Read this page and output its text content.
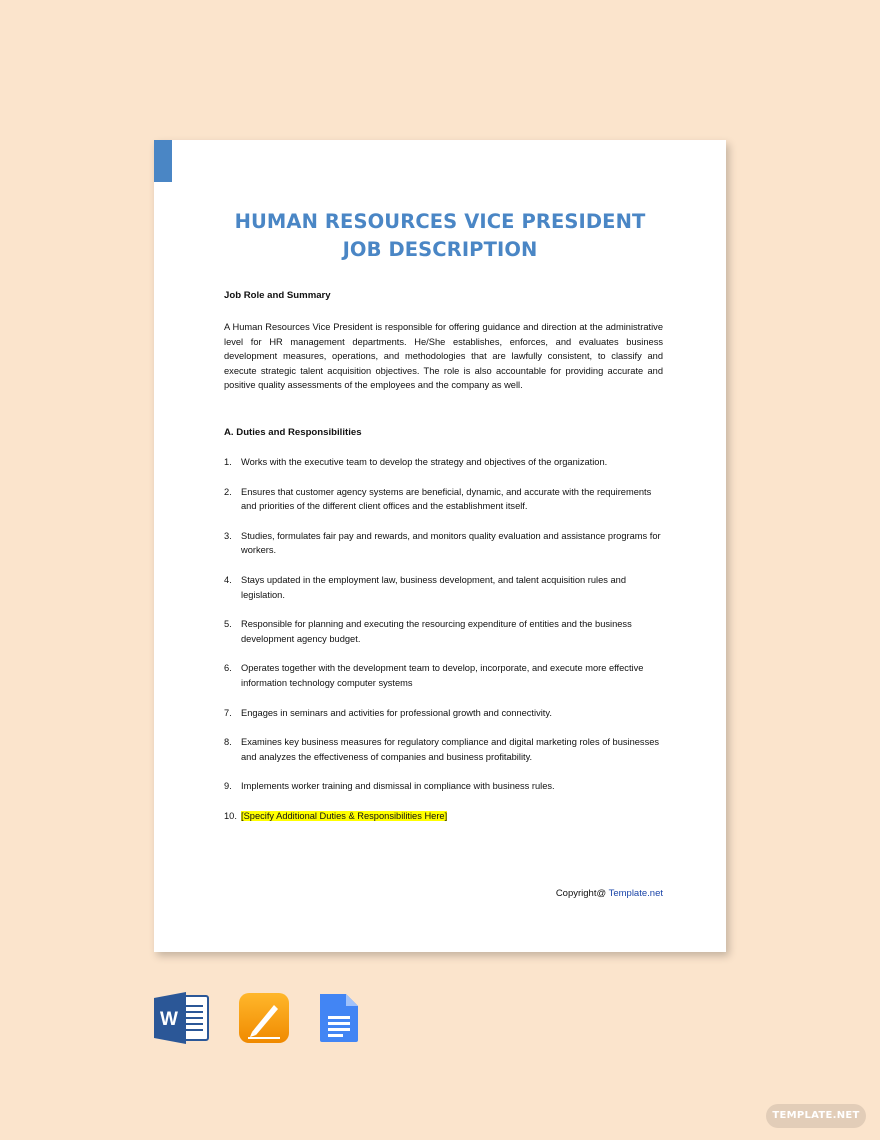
HUMAN RESOURCES VICE PRESIDENT
JOB DESCRIPTION
Job Role and Summary
A Human Resources Vice President is responsible for offering guidance and direction at the administrative level for HR management departments. He/She establishes, enforces, and evaluates business development measures, operations, and methodologies that are lawfully consistent, to classify and execute strategic talent acquisition objectives. The role is also accountable for providing accurate and positive quality assessments of the employees and the company as well.
A. Duties and Responsibilities
1. Works with the executive team to develop the strategy and objectives of the organization.
2. Ensures that customer agency systems are beneficial, dynamic, and accurate with the requirements and priorities of the different client offices and the establishment itself.
3. Studies, formulates fair pay and rewards, and monitors quality evaluation and assistance programs for workers.
4. Stays updated in the employment law, business development, and talent acquisition rules and legislation.
5. Responsible for planning and executing the resourcing expenditure of entities and the business development agency budget.
6. Operates together with the development team to develop, incorporate, and execute more effective information technology computer systems
7. Engages in seminars and activities for professional growth and connectivity.
8. Examines key business measures for regulatory compliance and digital marketing roles of businesses and analyzes the effectiveness of companies and business profitability.
9. Implements worker training and dismissal in compliance with business rules.
10. [Specify Additional Duties & Responsibilities Here]
Copyright@ Template.net
W
TEMPLATE.NET
